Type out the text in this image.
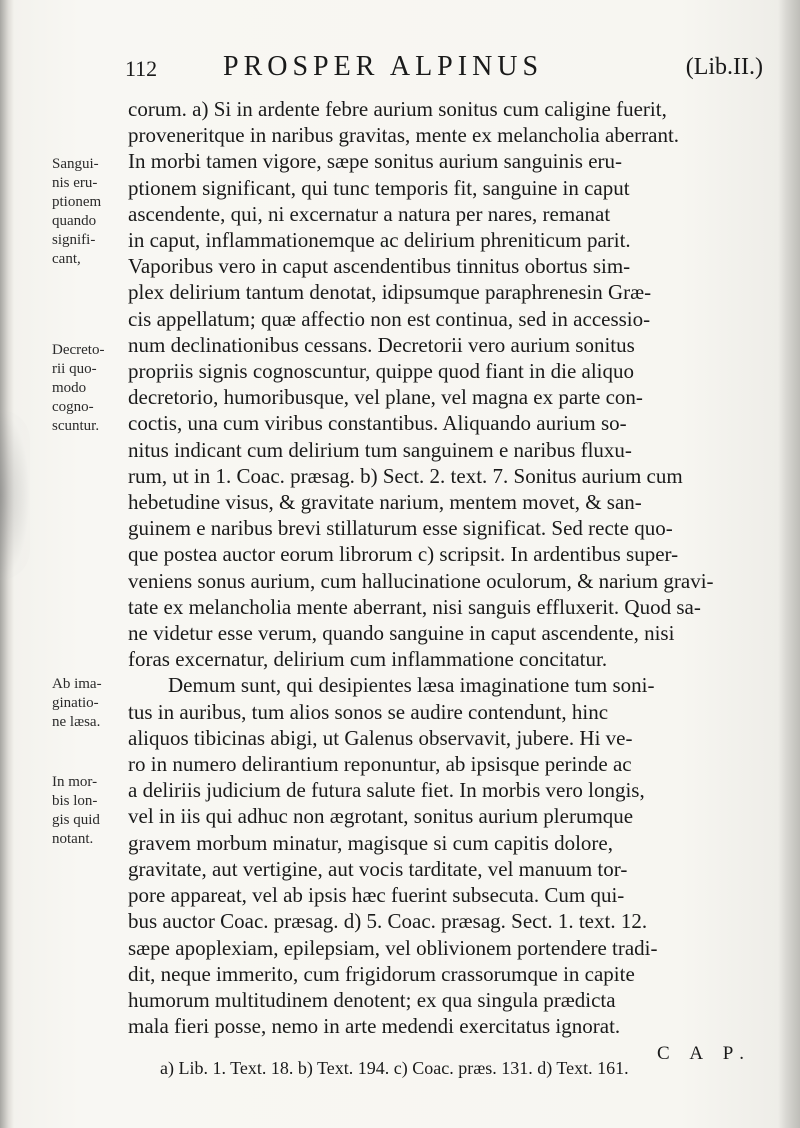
112 PROSPER ALPINUS	(Lib.II.)
Sangui-
nis eru-
ptionem
quando
signifi-
cant,
Decreto-
rii quo-
modo
cogno-
scuntur.
Ab ima-
ginatio-
ne læsa.
In mor-
bis lon-
gis quid
notant.
corum. a) Si in ardente febre aurium sonitus cum caligine fuerit,
proveneritque in naribus gravitas, mente ex melancholia aberrant.
In morbi tamen vigore, sæpe sonitus aurium sanguinis eru-
ptionem significant, qui tunc temporis fit, sanguine in caput
ascendente, qui, ni excernatur a natura per nares, remanat
in caput, inflammationemque ac delirium phreniticum parit.
Vaporibus vero in caput ascendentibus tinnitus obortus sim-
plex delirium tantum denotat, idipsumque paraphrenesin Græ-
cis appellatum; quæ affectio non est continua, sed in accessio-
num declinationibus cessans. Decretorii vero aurium sonitus
propriis signis cognoscuntur, quippe quod fiant in die aliquo
decretorio, humoribusque, vel plane, vel magna ex parte con-
coctis, una cum viribus constantibus. Aliquando aurium so-
nitus indicant cum delirium tum sanguinem e naribus fluxu-
rum, ut in 1. Coac. præsag. b) Sect. 2. text. 7. Sonitus aurium cum
hebetudine visus, & gravitate narium, mentem movet, & san-
guinem e naribus brevi stillaturum esse significat. Sed recte quo-
que postea auctor eorum librorum c) scripsit. In ardentibus super-
veniens sonus aurium, cum hallucinatione oculorum, & narium gravi-
tate ex melancholia mente aberrant, nisi sanguis effluxerit. Quod sa-
ne videtur esse verum, quando sanguine in caput ascendente, nisi
foras excernatur, delirium cum inflammatione concitatur.
Demum sunt, qui desipientes læsa imaginatione tum soni-
tus in auribus, tum alios sonos se audire contendunt, hinc
aliquos tibicinas abigi, ut Galenus observavit, jubere. Hi ve-
ro in numero delirantium reponuntur, ab ipsisque perinde ac
a deliriis judicium de futura salute fiet. In morbis vero longis,
vel in iis qui adhuc non ægrotant, sonitus aurium plerumque
gravem morbum minatur, magisque si cum capitis dolore,
gravitate, aut vertigine, aut vocis tarditate, vel manuum tor-
pore appareat, vel ab ipsis hæc fuerint subsecuta. Cum qui-
bus auctor Coac. præsag. d) 5. Coac. præsag. Sect. 1. text. 12.
sæpe apoplexiam, epilepsiam, vel oblivionem portendere tradi-
dit, neque immerito, cum frigidorum crassorumque in capite
humorum multitudinem denotent; ex qua singula prædicta
mala fieri posse, nemo in arte medendi exercitatus ignorat.
C A P.
a) Lib. 1. Text. 18. b) Text. 194. c) Coac. præs. 131. d) Text. 161.
